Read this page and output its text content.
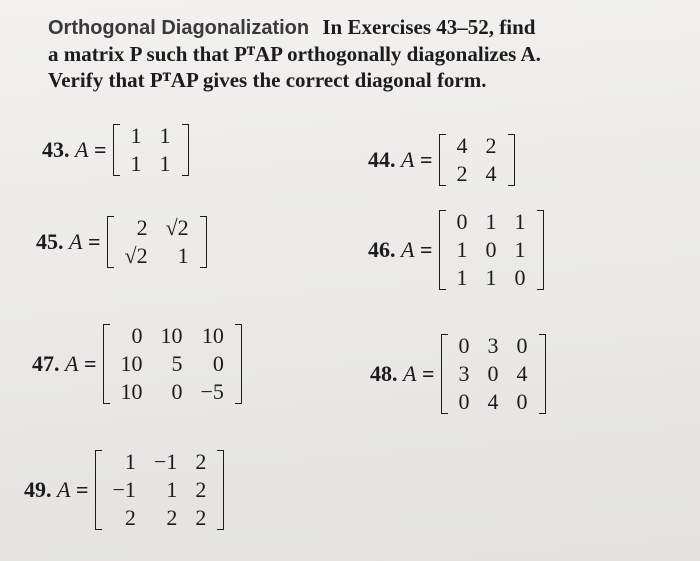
Orthogonal Diagonalization In Exercises 43–52, find
a matrix P such that PᵀAP orthogonally diagonalizes A.
Verify that PᵀAP gives the correct diagonal form.
43. A =
1	1
1	1	44. A =
4	2
2	4
45. A =
2	√2
√2	1	46. A =
0	1	1
1	0	1
1	1	0
47. A =
0	10	10
10	5	0
10	0	−5
48. A =
0	3	0
3	0	4
0	4	0
49. A =
1	−1	2
−1	1	2
2	2	2
